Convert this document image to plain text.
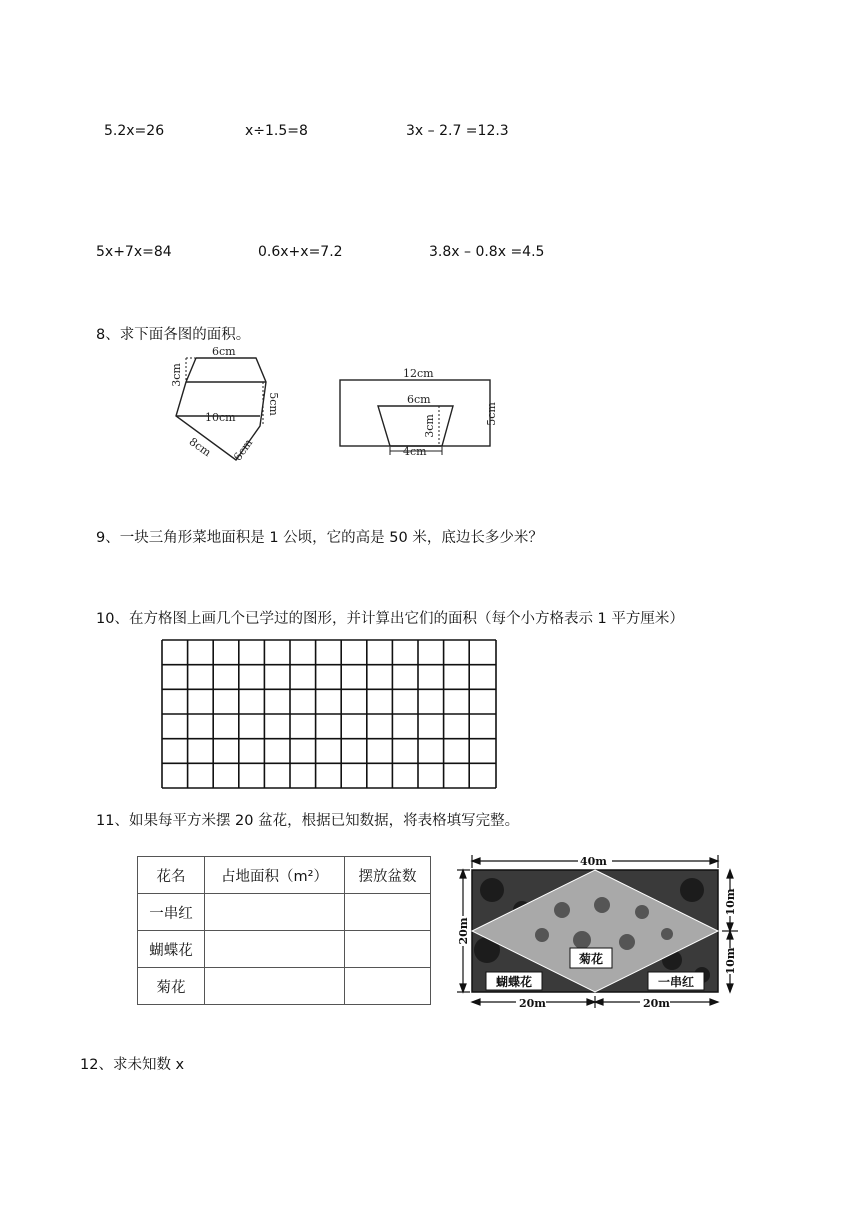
5.2x=26	x÷1.5=8	3x – 2.7 =12.3
5x+7x=84	0.6x+x=7.2	3.8x – 0.8x =4.5
8、求下面各图的面积。
6cm
3cm
10cm
5cm
8cm 6cm
12cm
6cm
3cm
5cm
4cm
9、一块三角形菜地面积是 1 公顷，它的高是 50 米，底边长多少米？
10、在方格图上画几个已学过的图形，并计算出它们的面积（每个小方格表示 1 平方厘米）
11、如果每平方米摆 20 盆花，根据已知数据，将表格填写完整。
花名	占地面积（m²）	摆放盆数
一串红		
蝴蝶花		
菊花		
40m
20m
10m
10m
20m	20m
菊花
蝴蝶花	一串红
12、求未知数 x
